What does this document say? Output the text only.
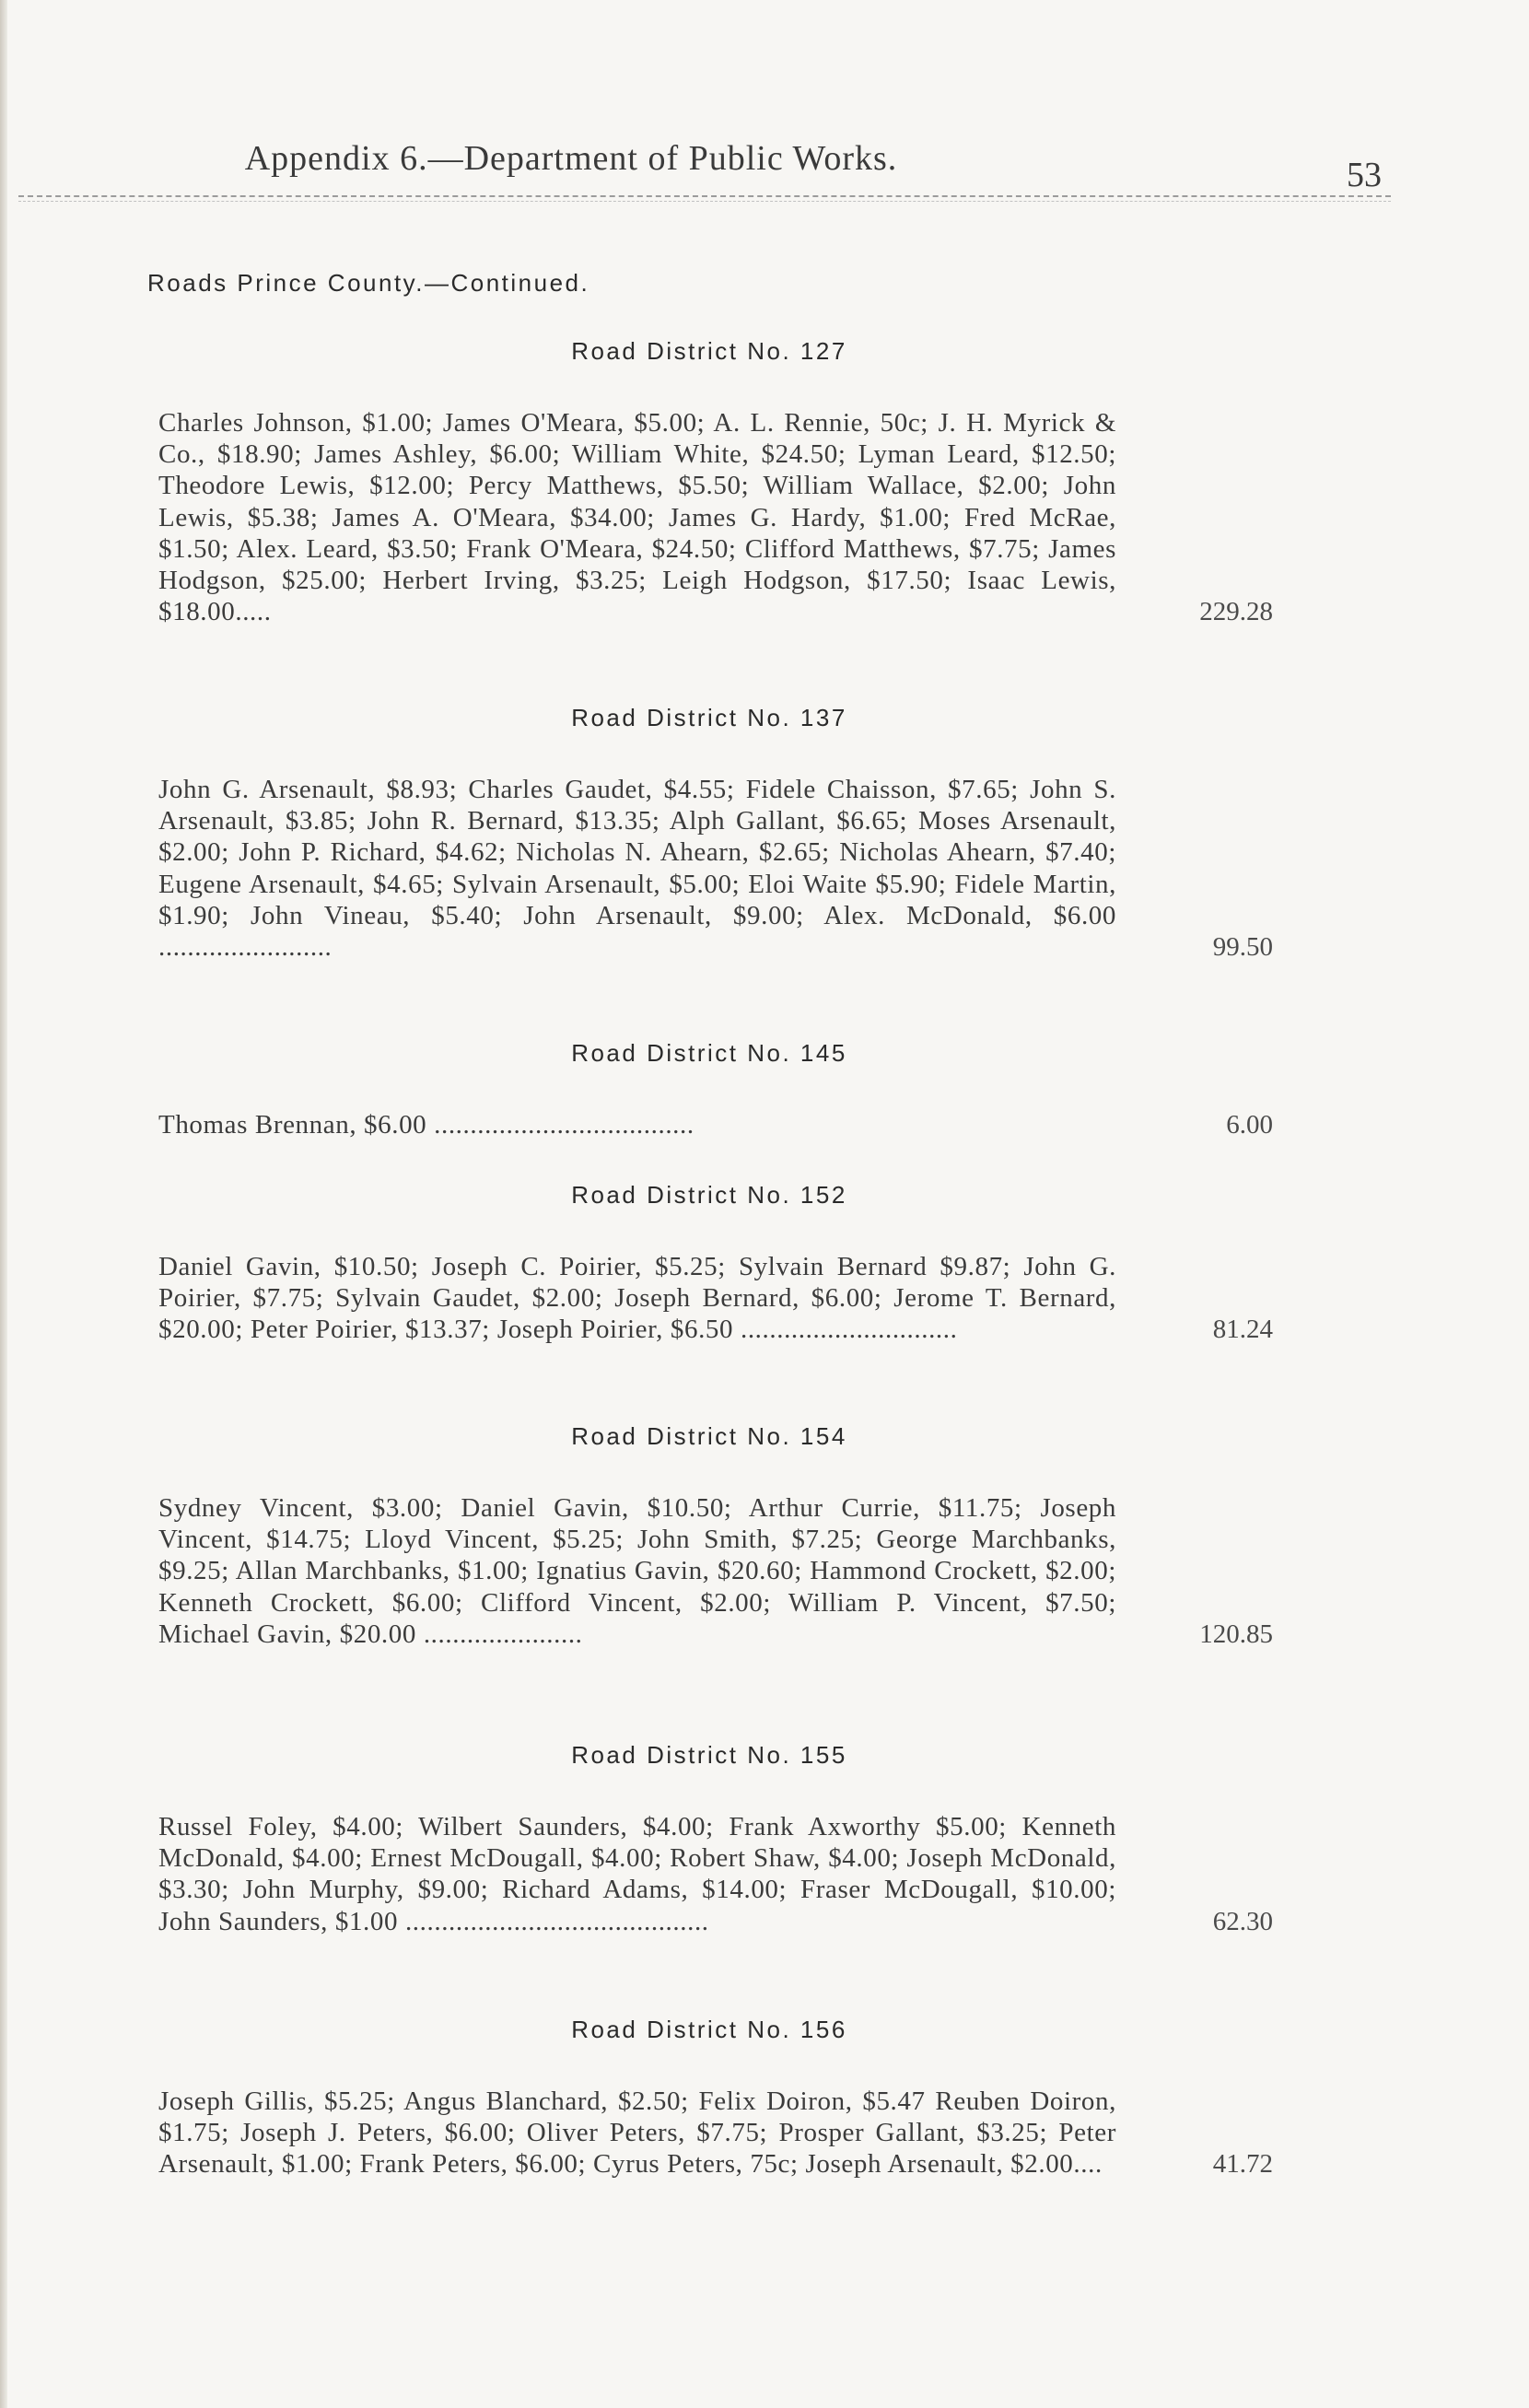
Appendix 6.—Department of Public Works.	53
Roads Prince County.—Continued.
Road District No. 127
Charles Johnson, $1.00; James O'Meara, $5.00; A. L. Rennie, 50c; J. H. Myrick & Co., $18.90; James Ashley, $6.00; William White, $24.50; Lyman Leard, $12.50; Theodore Lewis, $12.00; Percy Matthews, $5.50; William Wallace, $2.00; John Lewis, $5.38; James A. O'Meara, $34.00; James G. Hardy, $1.00; Fred McRae, $1.50; Alex. Leard, $3.50; Frank O'Meara, $24.50; Clifford Matthews, $7.75; James Hodgson, $25.00; Herbert Irving, $3.25; Leigh Hodgson, $17.50; Isaac Lewis, $18.00.....	229.28
Road District No. 137
John G. Arsenault, $8.93; Charles Gaudet, $4.55; Fidele Chaisson, $7.65; John S. Arsenault, $3.85; John R. Bernard, $13.35; Alph Gallant, $6.65; Moses Arsenault, $2.00; John P. Richard, $4.62; Nicholas N. Ahearn, $2.65; Nicholas Ahearn, $7.40; Eugene Arsenault, $4.65; Sylvain Arsenault, $5.00; Eloi Waite $5.90; Fidele Martin, $1.90; John Vineau, $5.40; John Arsenault, $9.00; Alex. McDonald, $6.00 ........................	99.50
Road District No. 145
Thomas Brennan, $6.00 ....................................	6.00
Road District No. 152
Daniel Gavin, $10.50; Joseph C. Poirier, $5.25; Sylvain Bernard $9.87; John G. Poirier, $7.75; Sylvain Gaudet, $2.00; Joseph Bernard, $6.00; Jerome T. Bernard, $20.00; Peter Poirier, $13.37; Joseph Poirier, $6.50 ..............................	81.24
Road District No. 154
Sydney Vincent, $3.00; Daniel Gavin, $10.50; Arthur Currie, $11.75; Joseph Vincent, $14.75; Lloyd Vincent, $5.25; John Smith, $7.25; George Marchbanks, $9.25; Allan Marchbanks, $1.00; Ignatius Gavin, $20.60; Hammond Crockett, $2.00; Kenneth Crockett, $6.00; Clifford Vincent, $2.00; William P. Vincent, $7.50; Michael Gavin, $20.00 ......................	120.85
Road District No. 155
Russel Foley, $4.00; Wilbert Saunders, $4.00; Frank Axworthy $5.00; Kenneth McDonald, $4.00; Ernest McDougall, $4.00; Robert Shaw, $4.00; Joseph McDonald, $3.30; John Murphy, $9.00; Richard Adams, $14.00; Fraser McDougall, $10.00; John Saunders, $1.00 ..........................................	62.30
Road District No. 156
Joseph Gillis, $5.25; Angus Blanchard, $2.50; Felix Doiron, $5.47 Reuben Doiron, $1.75; Joseph J. Peters, $6.00; Oliver Peters, $7.75; Prosper Gallant, $3.25; Peter Arsenault, $1.00; Frank Peters, $6.00; Cyrus Peters, 75c; Joseph Arsenault, $2.00....	41.72
